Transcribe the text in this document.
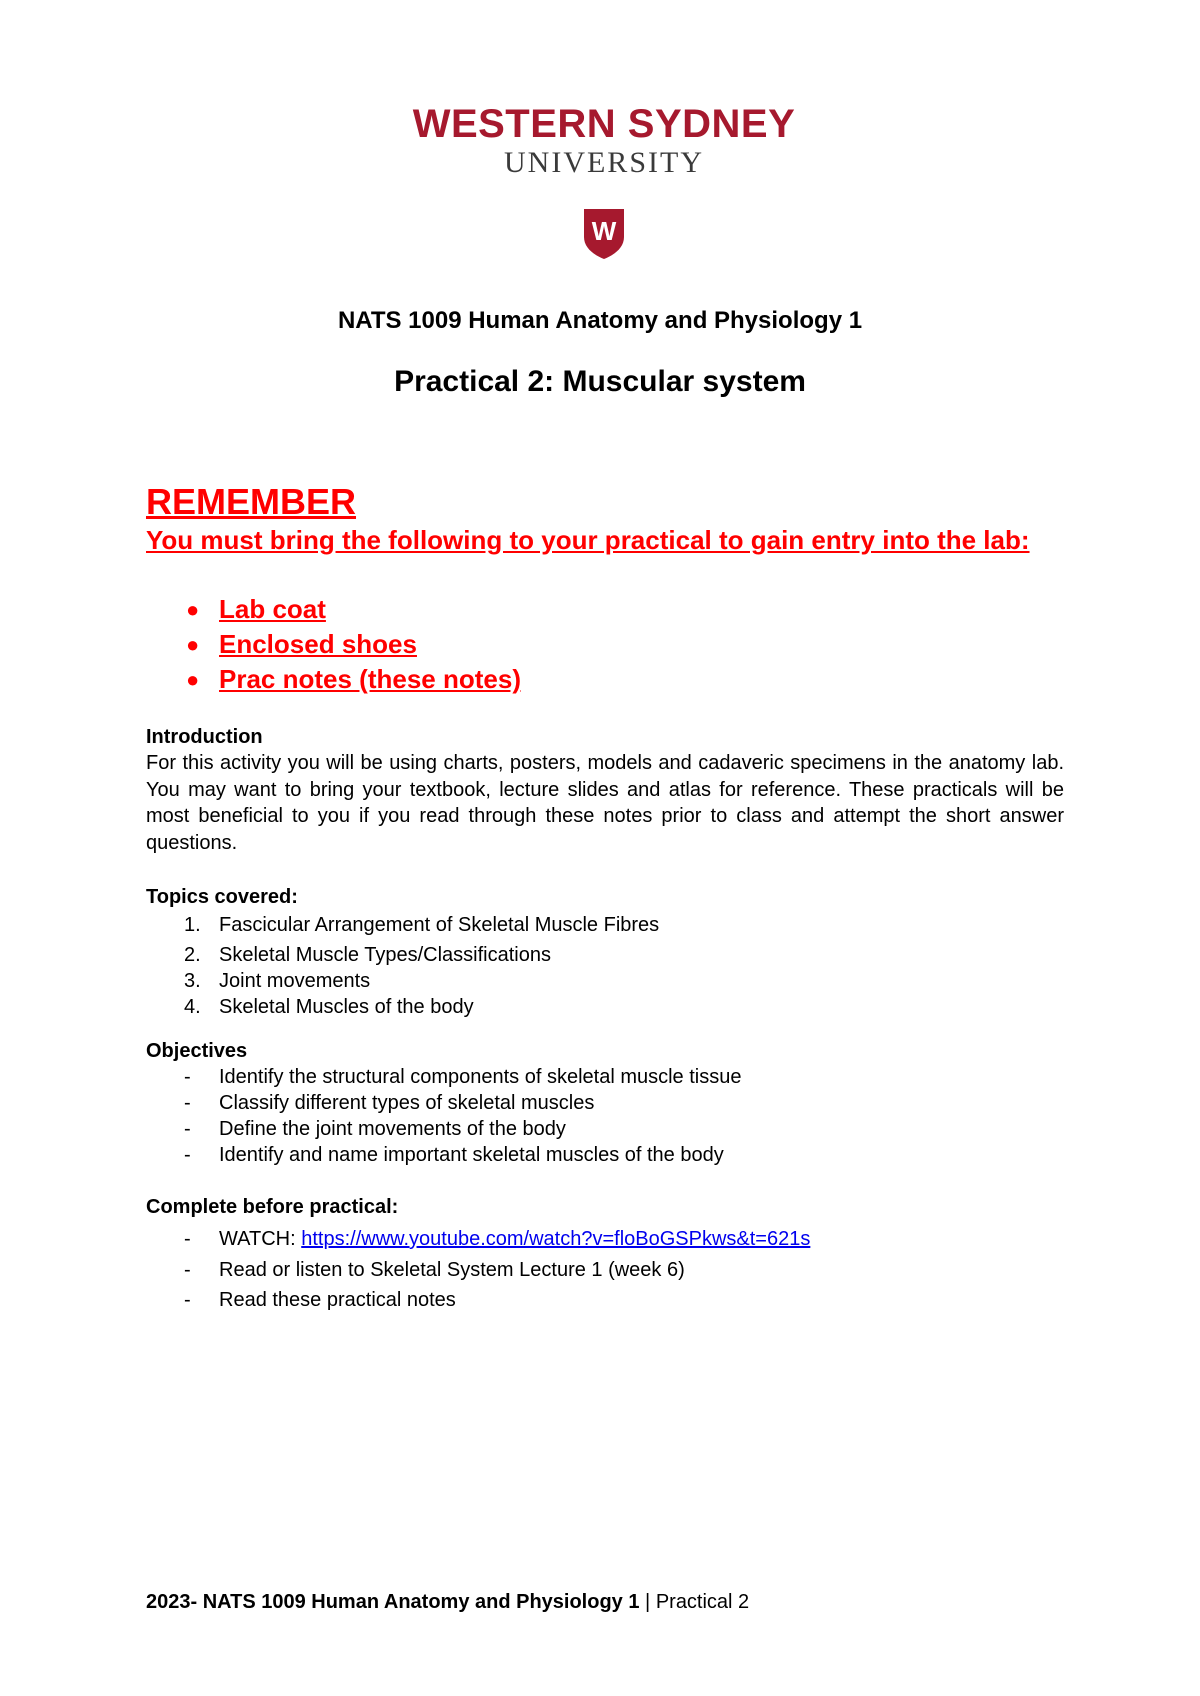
WESTERN SYDNEY
UNIVERSITY
W
NATS 1009 Human Anatomy and Physiology 1
Practical 2: Muscular system
REMEMBER
You must bring the following to your practical to gain entry into the lab:
● Lab coat
● Enclosed shoes
● Prac notes (these notes)
Introduction
For this activity you will be using charts, posters, models and cadaveric specimens in the anatomy lab. You may want to bring your textbook, lecture slides and atlas for reference. These practicals will be most beneficial to you if you read through these notes prior to class and attempt the short answer questions.
Topics covered:
1. Fascicular Arrangement of Skeletal Muscle Fibres
2. Skeletal Muscle Types/Classifications
3. Joint movements
4. Skeletal Muscles of the body
Objectives
- Identify the structural components of skeletal muscle tissue
- Classify different types of skeletal muscles
- Define the joint movements of the body
- Identify and name important skeletal muscles of the body
Complete before practical:
- WATCH: https://www.youtube.com/watch?v=floBoGSPkws&t=621s
- Read or listen to Skeletal System Lecture 1 (week 6)
- Read these practical notes
2023- NATS 1009 Human Anatomy and Physiology 1 | Practical 2
